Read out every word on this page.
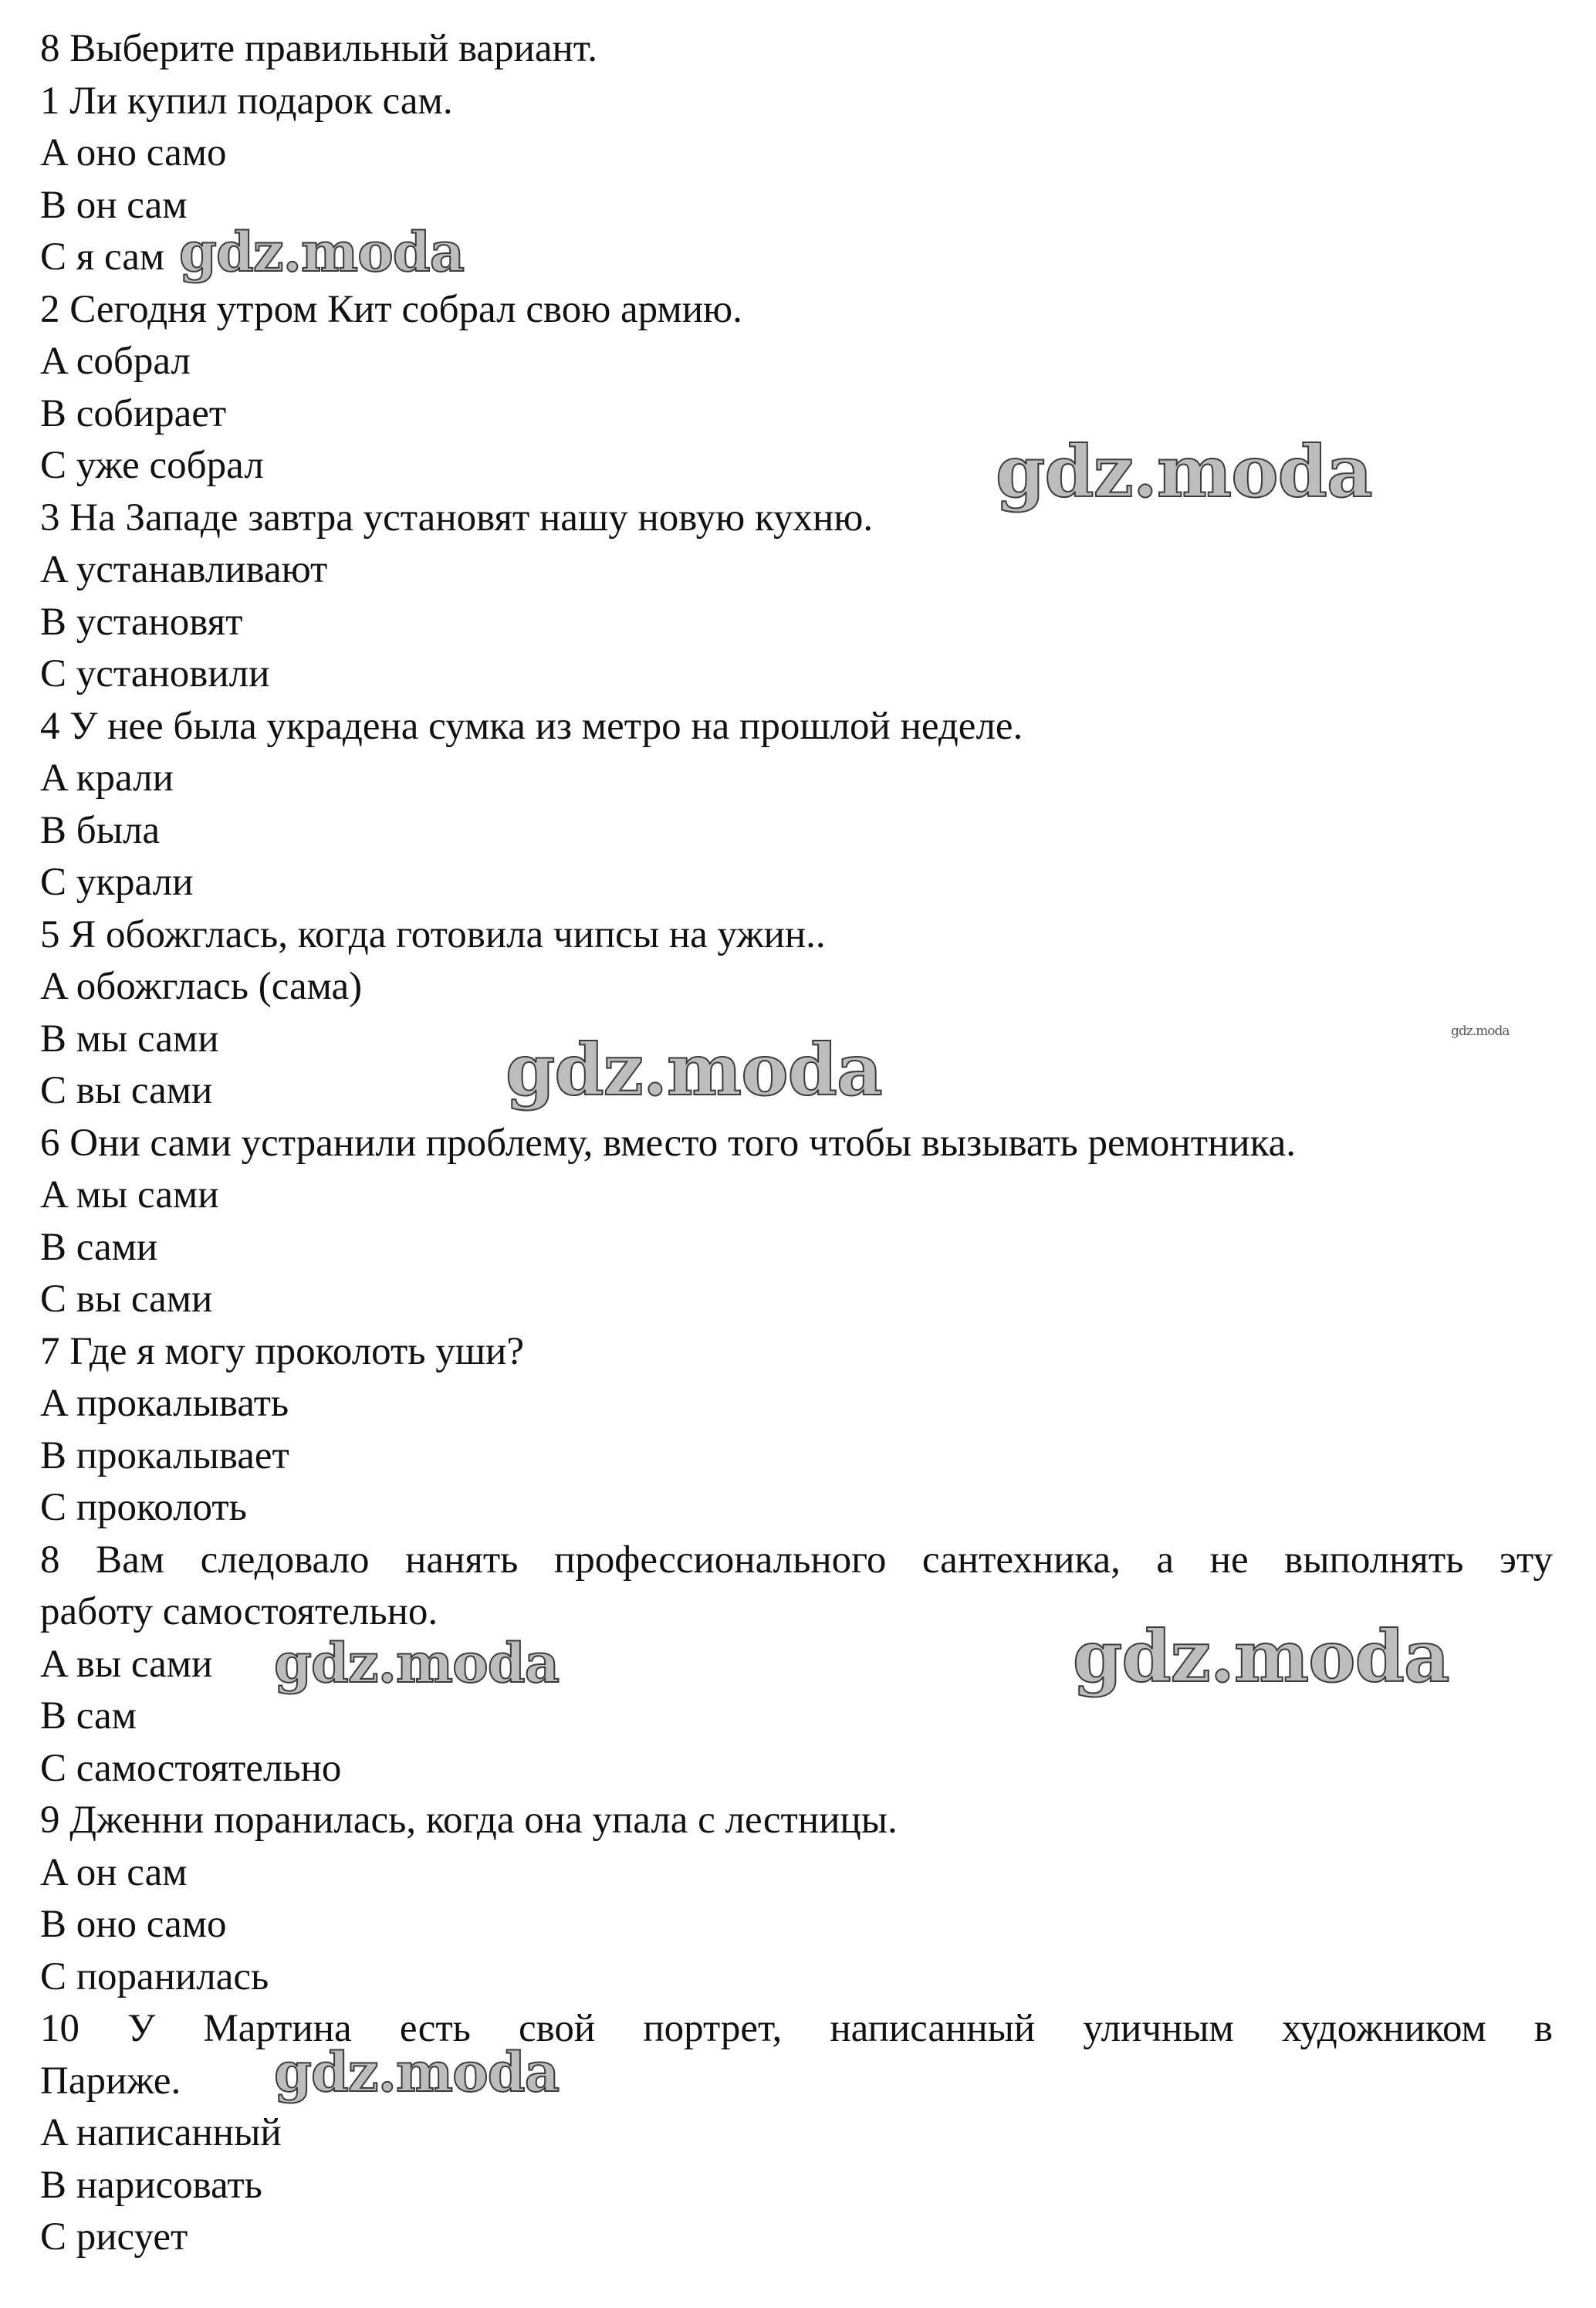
8 Выберите правильный вариант.
1 Ли купил подарок сам.
A оно само
B он сам
C я сам
2 Сегодня утром Кит собрал свою армию.
A собрал
B собирает
C уже собрал
3 На Западе завтра установят нашу новую кухню.
A устанавливают
B установят
C установили
4 У нее была украдена сумка из метро на прошлой неделе.
A крали
B была
C украли
5 Я обожглась, когда готовила чипсы на ужин..
A обожглась (сама)
B мы сами
C вы сами
6 Они сами устранили проблему, вместо того чтобы вызывать ремонтника.
A мы сами
B сами
C вы сами
7 Где я могу проколоть уши?
A прокалывать
B прокалывает
C проколоть
8 Вам следовало нанять профессионального сантехника, а не выполнять эту
работу самостоятельно.
A вы сами
B сам
C самостоятельно
9 Дженни поранилась, когда она упала с лестницы.
A он сам
B оно само
C поранилась
10 У Мартина есть свой портрет, написанный уличным художником в
Париже.
A написанный
B нарисовать
C рисует
gdz.moda
gdz.moda
gdz.moda	gdz.moda
gdz.moda	gdz.moda
gdz.moda
